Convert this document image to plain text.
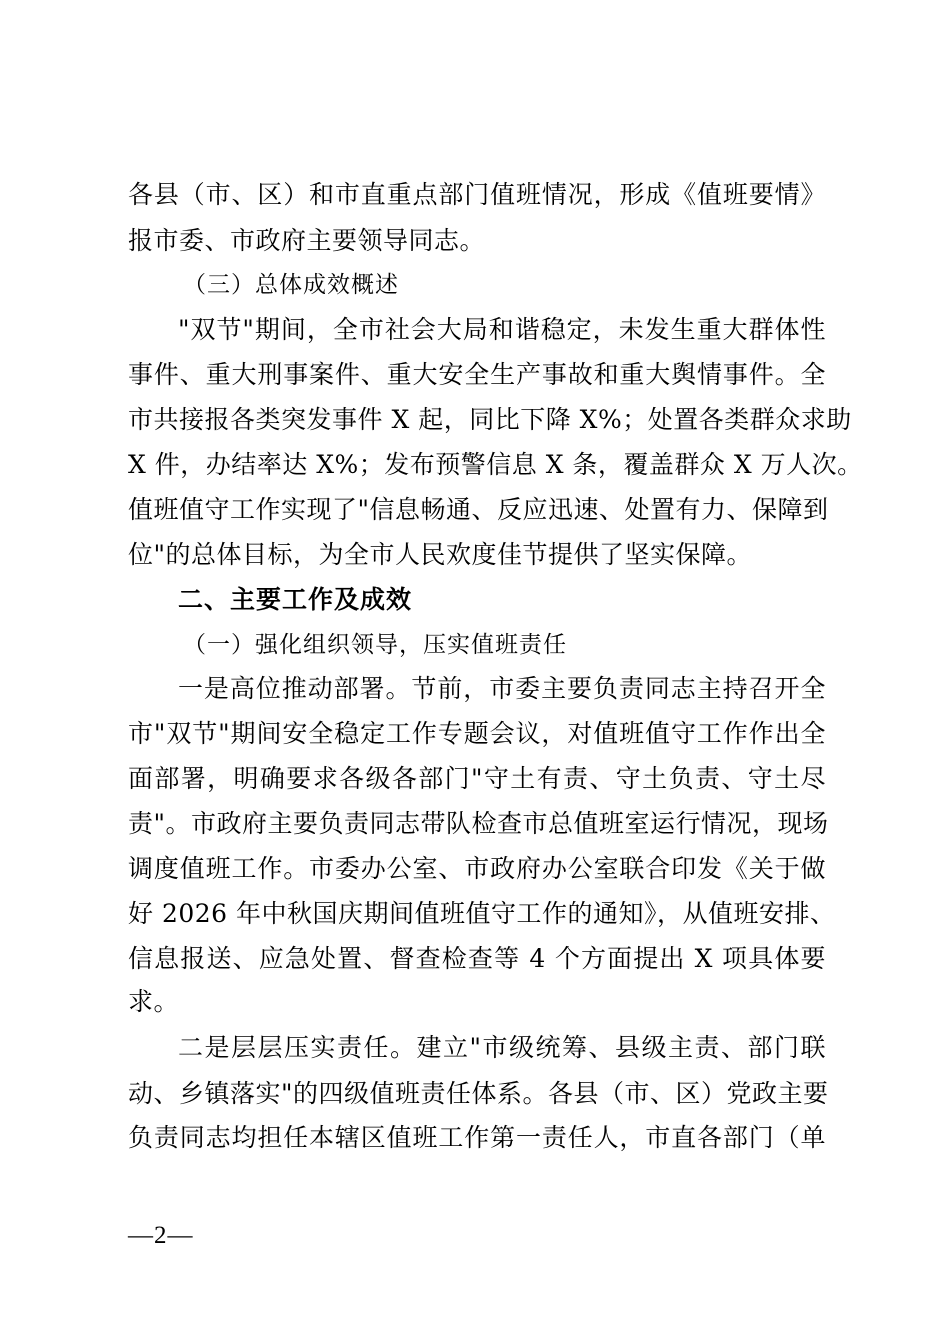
各县（市、区）和市直重点部门值班情况，形成《值班要情》
报市委、市政府主要领导同志。
（三）总体成效概述
"双节"期间，全市社会大局和谐稳定，未发生重大群体性
事件、重大刑事案件、重大安全生产事故和重大舆情事件。全
市共接报各类突发事件 X 起，同比下降 X%；处置各类群众求助
X 件，办结率达 X%；发布预警信息 X 条，覆盖群众 X 万人次。
值班值守工作实现了"信息畅通、反应迅速、处置有力、保障到
位"的总体目标，为全市人民欢度佳节提供了坚实保障。
二、主要工作及成效
（一）强化组织领导，压实值班责任
一是高位推动部署。节前，市委主要负责同志主持召开全
市"双节"期间安全稳定工作专题会议，对值班值守工作作出全
面部署，明确要求各级各部门"守土有责、守土负责、守土尽
责"。市政府主要负责同志带队检查市总值班室运行情况，现场
调度值班工作。市委办公室、市政府办公室联合印发《关于做
好 2026 年中秋国庆期间值班值守工作的通知》，从值班安排、
信息报送、应急处置、督查检查等 4 个方面提出 X 项具体要
求。
二是层层压实责任。建立"市级统筹、县级主责、部门联
动、乡镇落实"的四级值班责任体系。各县（市、区）党政主要
负责同志均担任本辖区值班工作第一责任人，市直各部门（单
—2—
